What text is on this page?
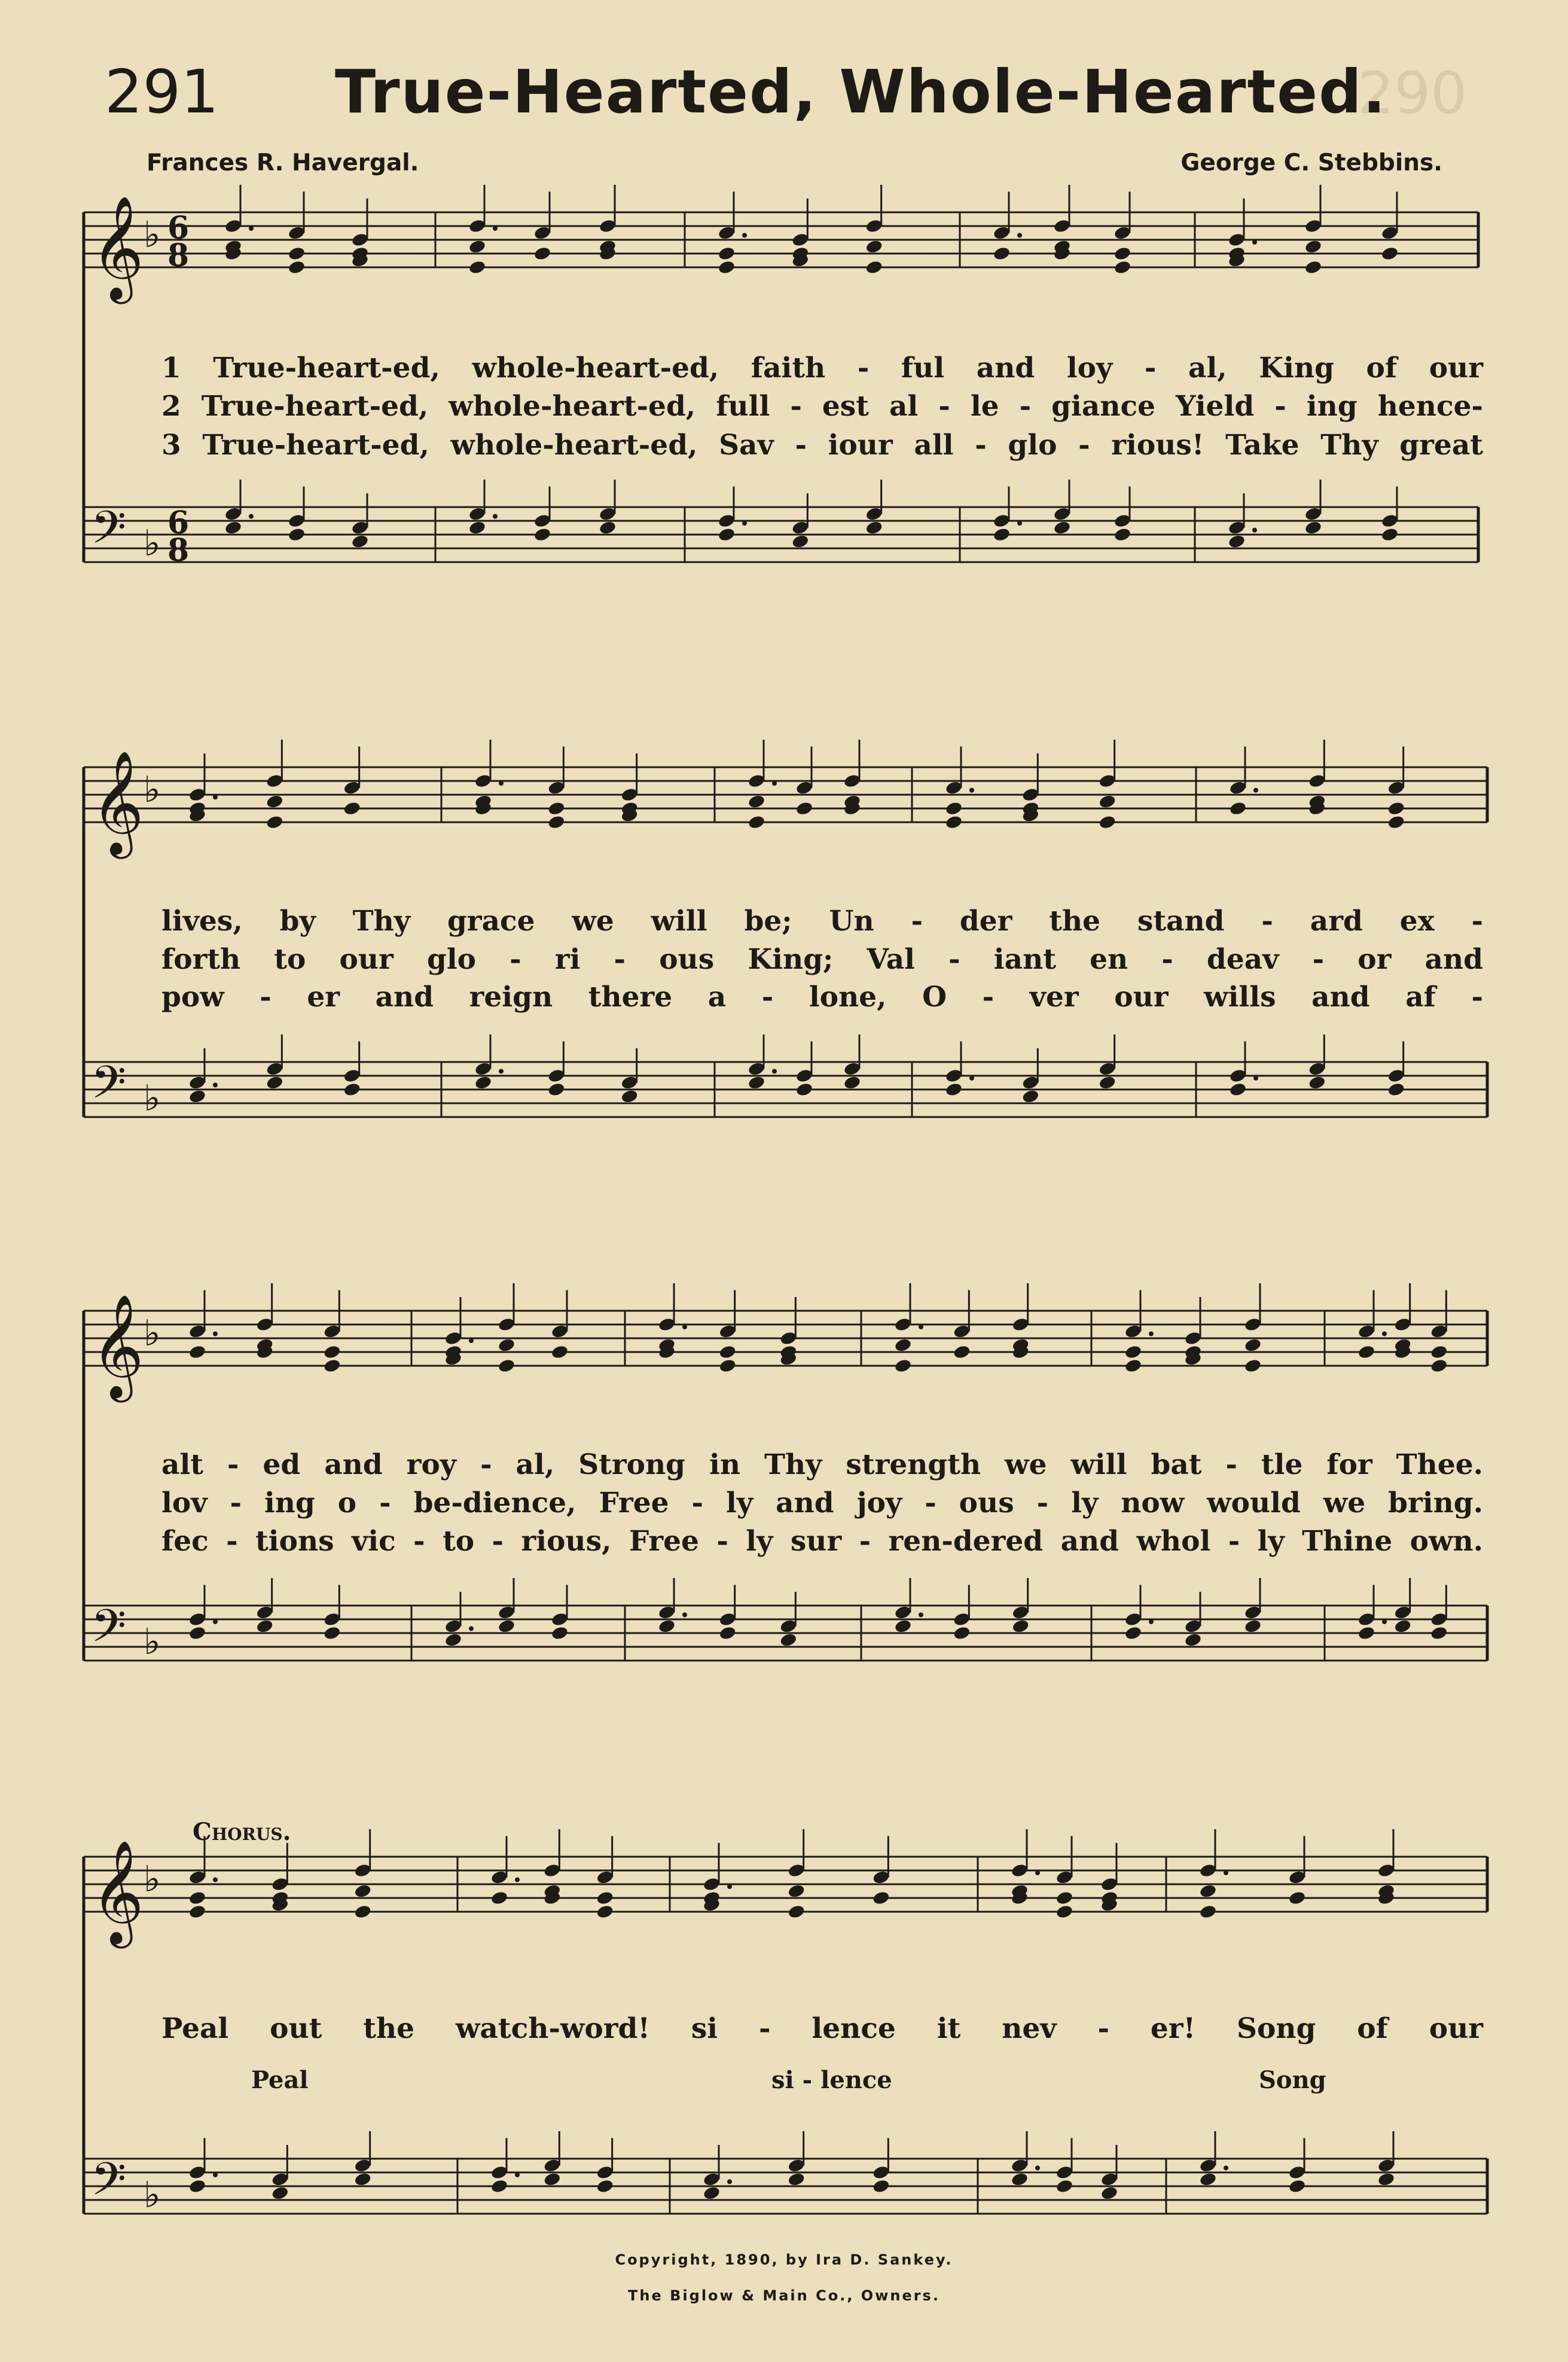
290
291 True-Hearted, Whole-Hearted.
Frances R. Havergal.	George C. Stebbins.
𝄞 ♭
𝄢 ♭
6
8
6
8
𝄞 ♭
𝄢 ♭
𝄞 ♭
𝄢 ♭
𝄞 ♭
𝄢 ♭
1 True-heart-ed, whole-heart-ed, faith - ful and loy - al, King of our
2 True-heart-ed, whole-heart-ed, full - est al - le - giance Yield - ing hence-
3 True-heart-ed, whole-heart-ed, Sav - iour all - glo - rious! Take Thy great
lives, by Thy grace we will be; Un - der the stand - ard ex -
forth to our glo - ri - ous King; Val - iant en - deav - or and
pow - er and reign there a - lone, O - ver our wills and af -
alt - ed and roy - al, Strong in Thy strength we will bat - tle for Thee.
lov - ing o - be-dience, Free - ly and joy - ous - ly now would we bring.
fec - tions vic - to - rious, Free - ly sur - ren-dered and whol - ly Thine own.
Chorus.
Peal out the watch-word! si - lence it nev - er! Song of our
Peal	si - lence	Song
Copyright, 1890, by Ira D. Sankey.
The Biglow & Main Co., Owners.
